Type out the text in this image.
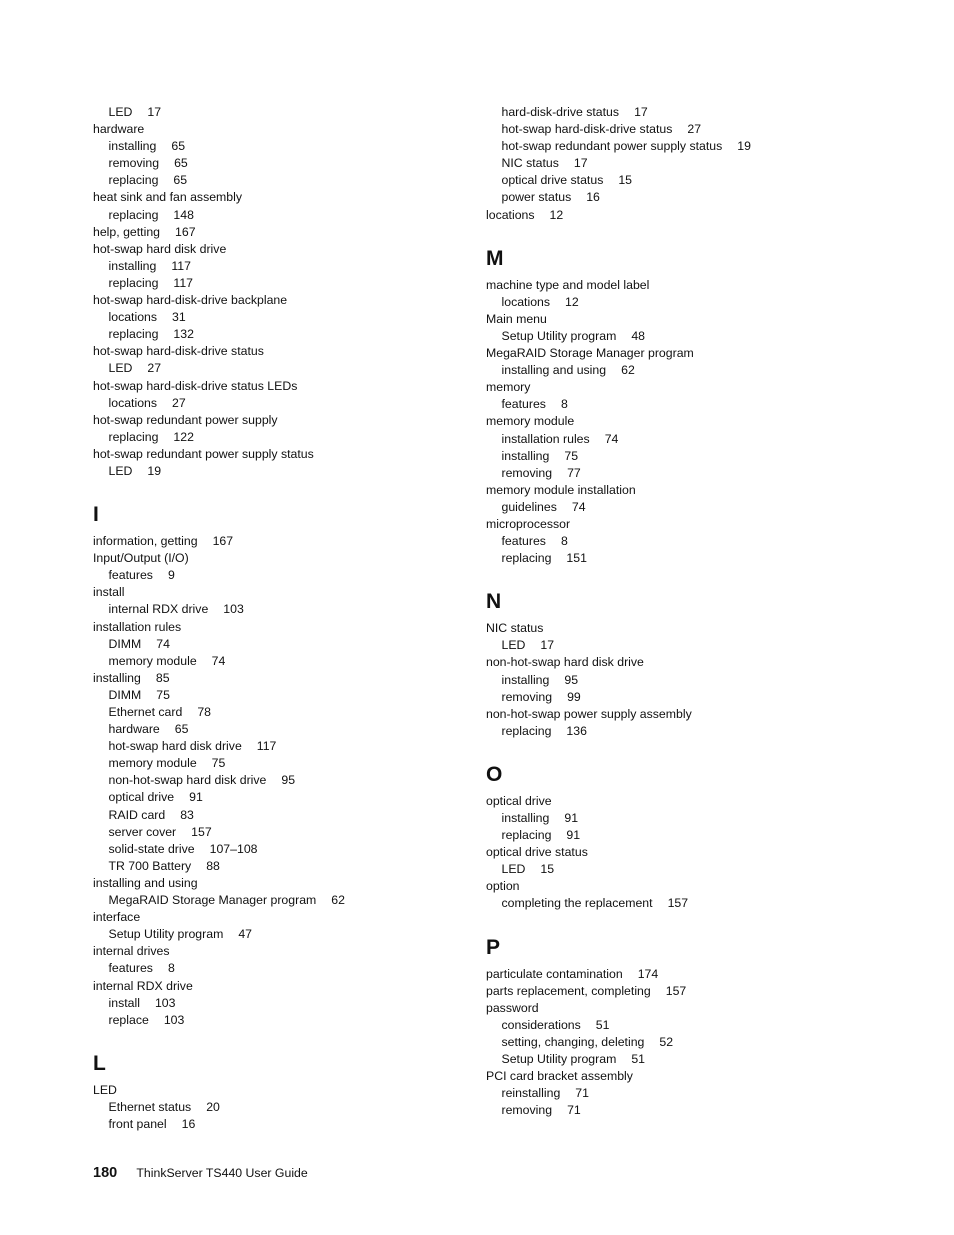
LED 17
hardware
installing 65
removing 65
replacing 65
heat sink and fan assembly
replacing 148
help, getting 167
hot-swap hard disk drive
installing 117
replacing 117
hot-swap hard-disk-drive backplane
locations 31
replacing 132
hot-swap hard-disk-drive status
LED 27
hot-swap hard-disk-drive status LEDs
locations 27
hot-swap redundant power supply
replacing 122
hot-swap redundant power supply status
LED 19
I
information, getting 167
Input/Output (I/O)
features 9
install
internal RDX drive 103
installation rules
DIMM 74
memory module 74
installing 85
DIMM 75
Ethernet card 78
hardware 65
hot-swap hard disk drive 117
memory module 75
non-hot-swap hard disk drive 95
optical drive 91
RAID card 83
server cover 157
solid-state drive 107–108
TR 700 Battery 88
installing and using
MegaRAID Storage Manager program 62
interface
Setup Utility program 47
internal drives
features 8
internal RDX drive
install 103
replace 103
L
LED
Ethernet status 20
front panel 16
hard-disk-drive status 17
hot-swap hard-disk-drive status 27
hot-swap redundant power supply status 19
NIC status 17
optical drive status 15
power status 16
locations 12
M
machine type and model label
locations 12
Main menu
Setup Utility program 48
MegaRAID Storage Manager program
installing and using 62
memory
features 8
memory module
installation rules 74
installing 75
removing 77
memory module installation
guidelines 74
microprocessor
features 8
replacing 151
N
NIC status
LED 17
non-hot-swap hard disk drive
installing 95
removing 99
non-hot-swap power supply assembly
replacing 136
O
optical drive
installing 91
replacing 91
optical drive status
LED 15
option
completing the replacement 157
P
particulate contamination 174
parts replacement, completing 157
password
considerations 51
setting, changing, deleting 52
Setup Utility program 51
PCI card bracket assembly
reinstalling 71
removing 71
180 ThinkServer TS440 User Guide
